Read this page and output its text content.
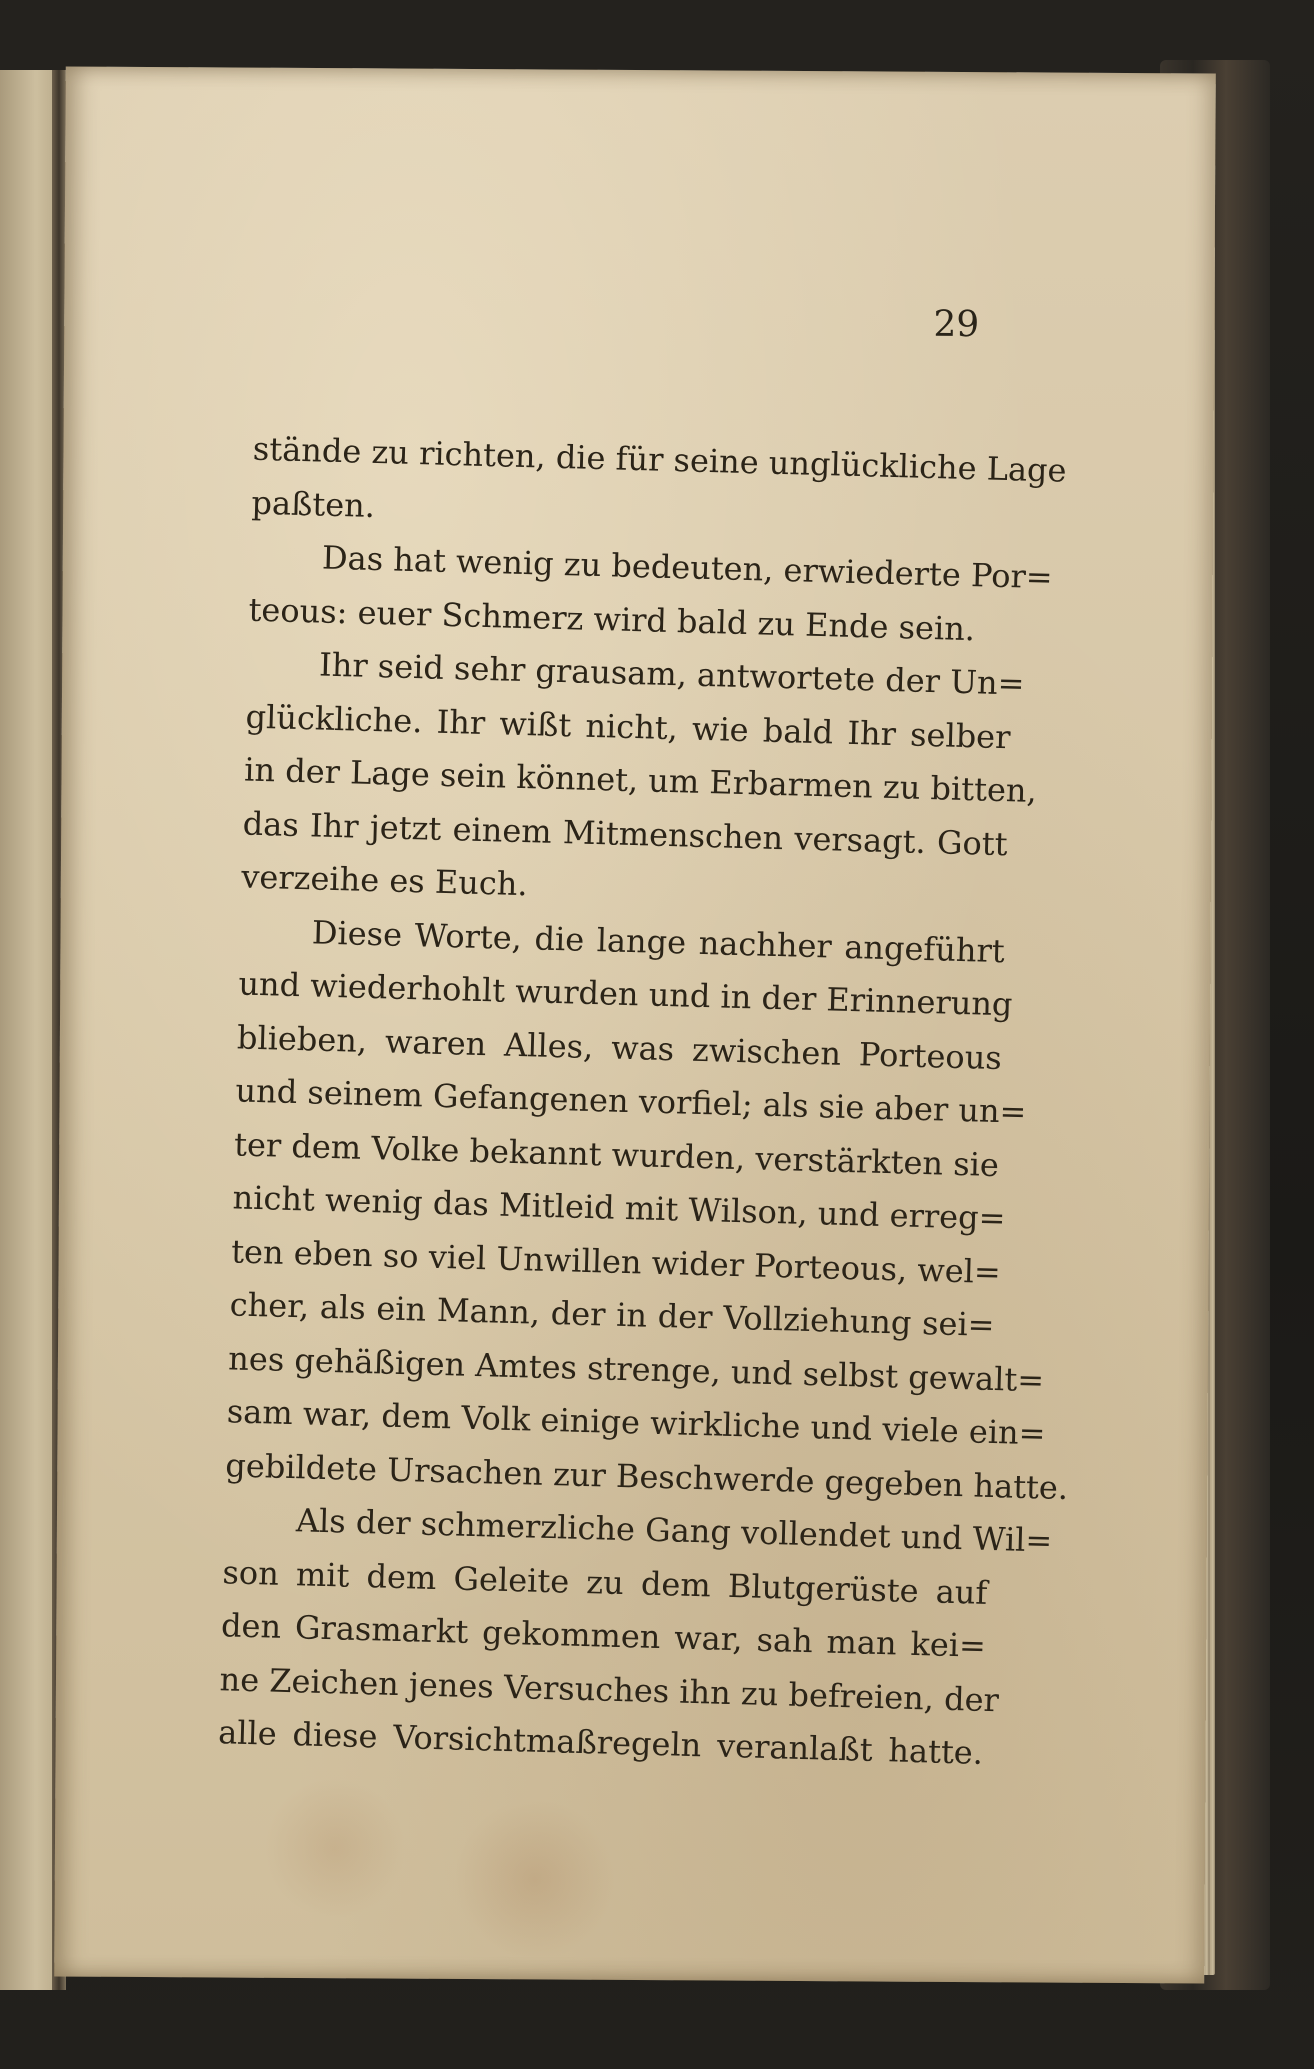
29

stände zu richten, die für seine unglückliche Lage
paßten.
Das hat wenig zu bedeuten, erwiederte Por=
teous: euer Schmerz wird bald zu Ende sein.
Ihr seid sehr grausam, antwortete der Un=
glückliche. Ihr wißt nicht, wie bald Ihr selber
in der Lage sein könnet, um Erbarmen zu bitten,
das Ihr jetzt einem Mitmenschen versagt. Gott
verzeihe es Euch.
Diese Worte, die lange nachher angeführt
und wiederhohlt wurden und in der Erinnerung
blieben, waren Alles, was zwischen Porteous
und seinem Gefangenen vorfiel; als sie aber un=
ter dem Volke bekannt wurden, verstärkten sie
nicht wenig das Mitleid mit Wilson, und erreg=
ten eben so viel Unwillen wider Porteous, wel=
cher, als ein Mann, der in der Vollziehung sei=
nes gehäßigen Amtes strenge, und selbst gewalt=
sam war, dem Volk einige wirkliche und viele ein=
gebildete Ursachen zur Beschwerde gegeben hatte.
Als der schmerzliche Gang vollendet und Wil=
son mit dem Geleite zu dem Blutgerüste auf
den Grasmarkt gekommen war, sah man kei=
ne Zeichen jenes Versuches ihn zu befreien, der
alle diese Vorsichtmaßregeln veranlaßt hatte.
